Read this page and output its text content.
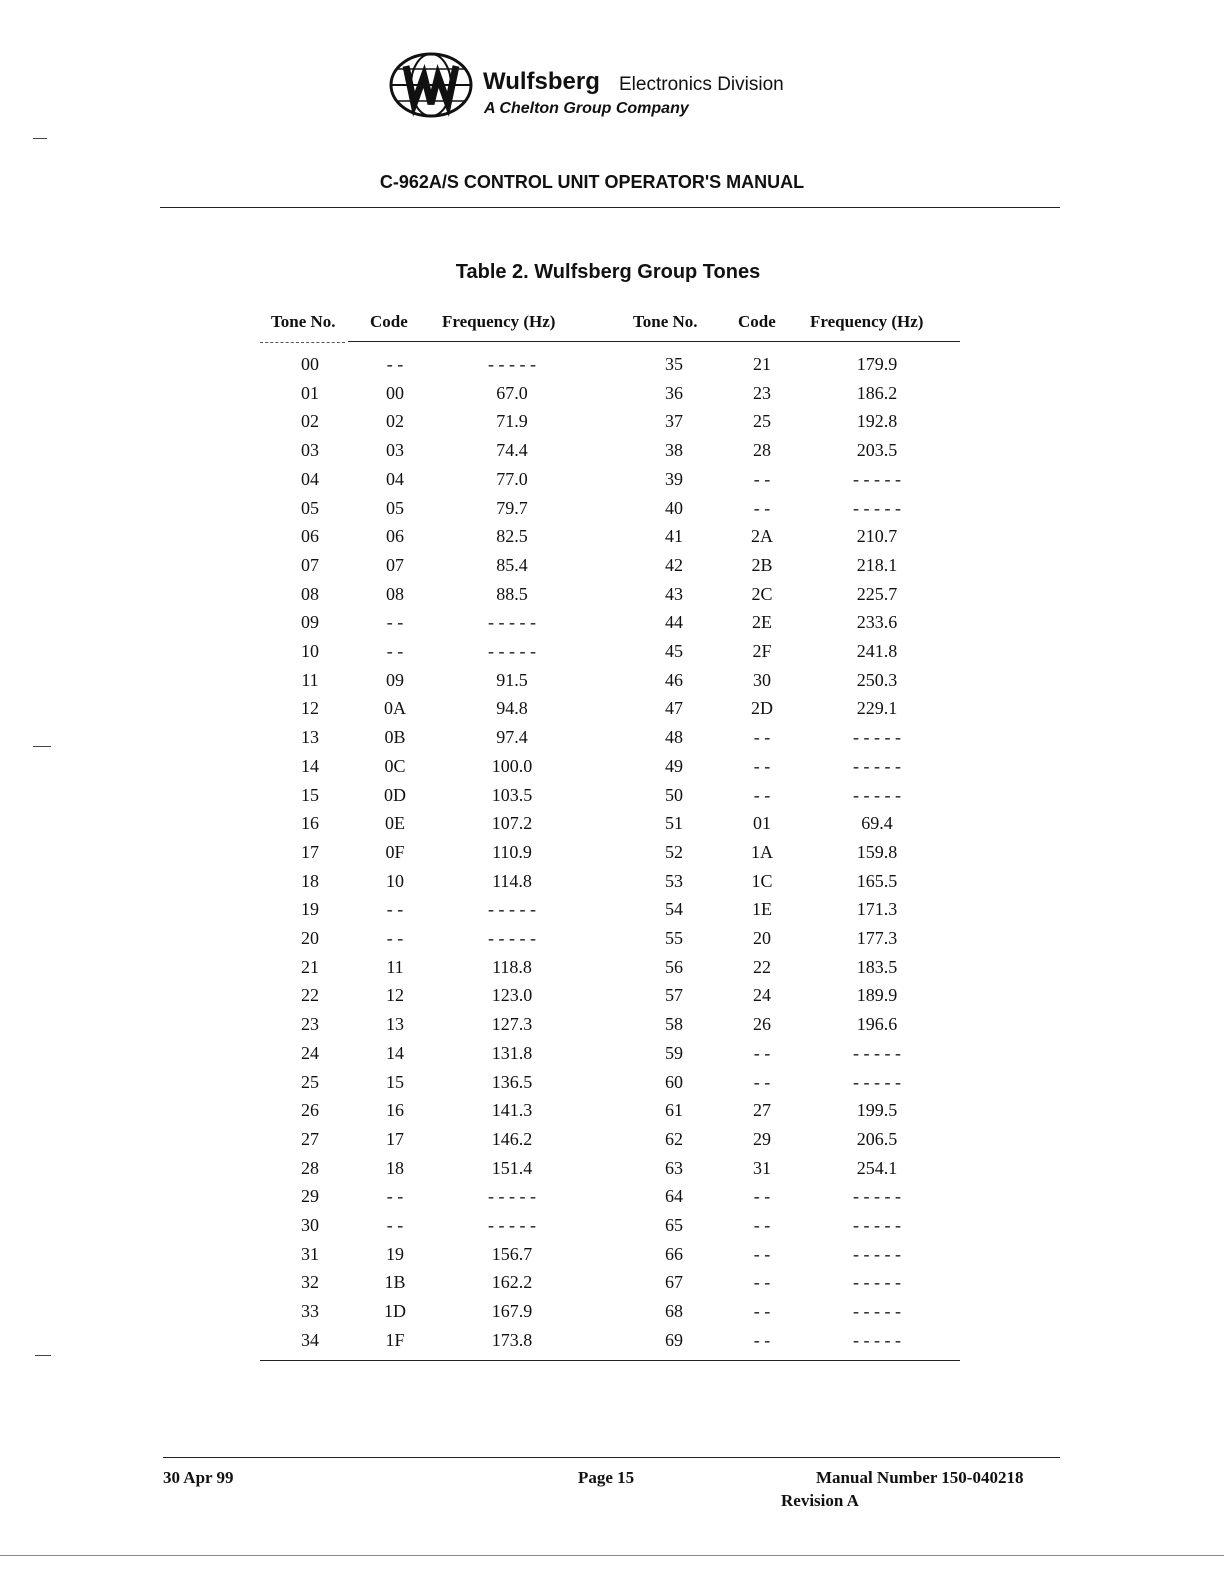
Wulfsberg Electronics Division
A Chelton Group Company
C-962A/S CONTROL UNIT OPERATOR'S MANUAL
Table 2. Wulfsberg Group Tones
Tone No. Code Frequency (Hz)	Tone No. Code Frequency (Hz)
00	- -	- - - - -	35	21	179.9
01	00	67.0	36	23	186.2
02	02	71.9	37	25	192.8
03	03	74.4	38	28	203.5
04	04	77.0	39	- -	- - - - -
05	05	79.7	40	- -	- - - - -
06	06	82.5	41	2A	210.7
07	07	85.4	42	2B	218.1
08	08	88.5	43	2C	225.7
09	- -	- - - - -	44	2E	233.6
10	- -	- - - - -	45	2F	241.8
11	09	91.5	46	30	250.3
12	0A	94.8	47	2D	229.1
13	0B	97.4	48	- -	- - - - -
14	0C	100.0	49	- -	- - - - -
15	0D	103.5	50	- -	- - - - -
16	0E	107.2	51	01	69.4
17	0F	110.9	52	1A	159.8
18	10	114.8	53	1C	165.5
19	- -	- - - - -	54	1E	171.3
20	- -	- - - - -	55	20	177.3
21	11	118.8	56	22	183.5
22	12	123.0	57	24	189.9
23	13	127.3	58	26	196.6
24	14	131.8	59	- -	- - - - -
25	15	136.5	60	- -	- - - - -
26	16	141.3	61	27	199.5
27	17	146.2	62	29	206.5
28	18	151.4	63	31	254.1
29	- -	- - - - -	64	- -	- - - - -
30	- -	- - - - -	65	- -	- - - - -
31	19	156.7	66	- -	- - - - -
32	1B	162.2	67	- -	- - - - -
33	1D	167.9	68	- -	- - - - -
34	1F	173.8	69	- -	- - - - -
30 Apr 99	Page 15	Manual Number 150-040218
Revision A
